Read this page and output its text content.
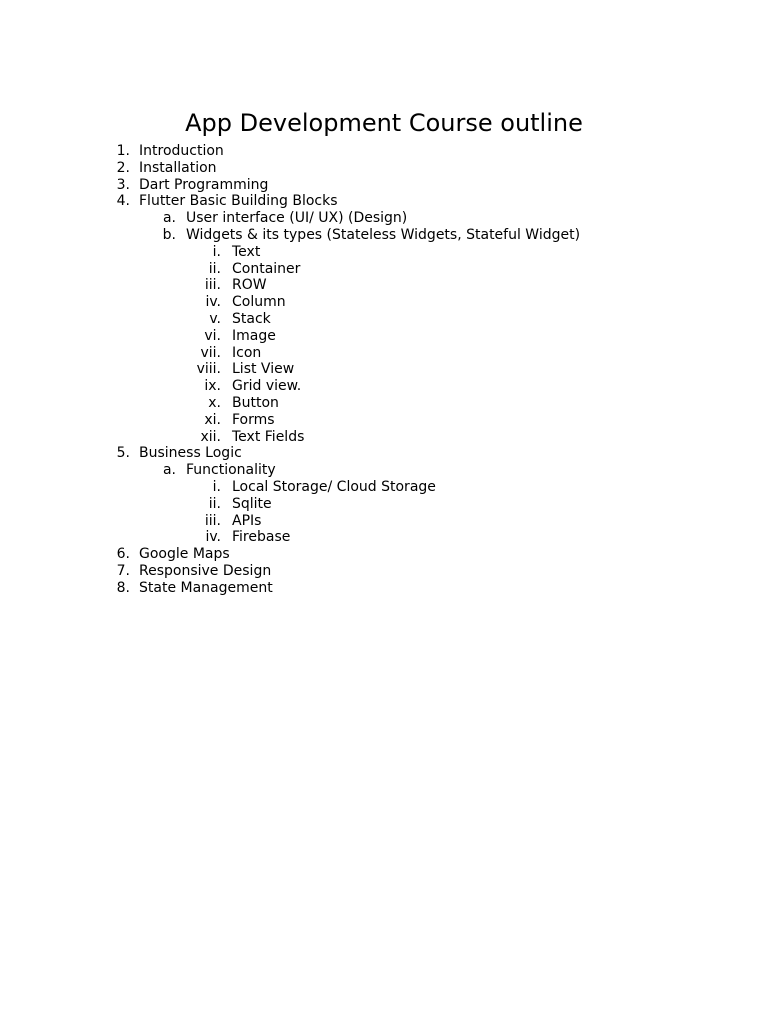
App Development Course outline
1. Introduction
2. Installation
3. Dart Programming
4. Flutter Basic Building Blocks
a. User interface (UI/ UX) (Design)
b. Widgets & its types (Stateless Widgets, Stateful Widget)
i. Text
ii. Container
iii. ROW
iv. Column
v. Stack
vi. Image
vii. Icon
viii. List View
ix. Grid view.
x. Button
xi. Forms
xii. Text Fields
5. Business Logic
a. Functionality
i. Local Storage/ Cloud Storage
ii. Sqlite
iii. APIs
iv. Firebase
6. Google Maps
7. Responsive Design
8. State Management
